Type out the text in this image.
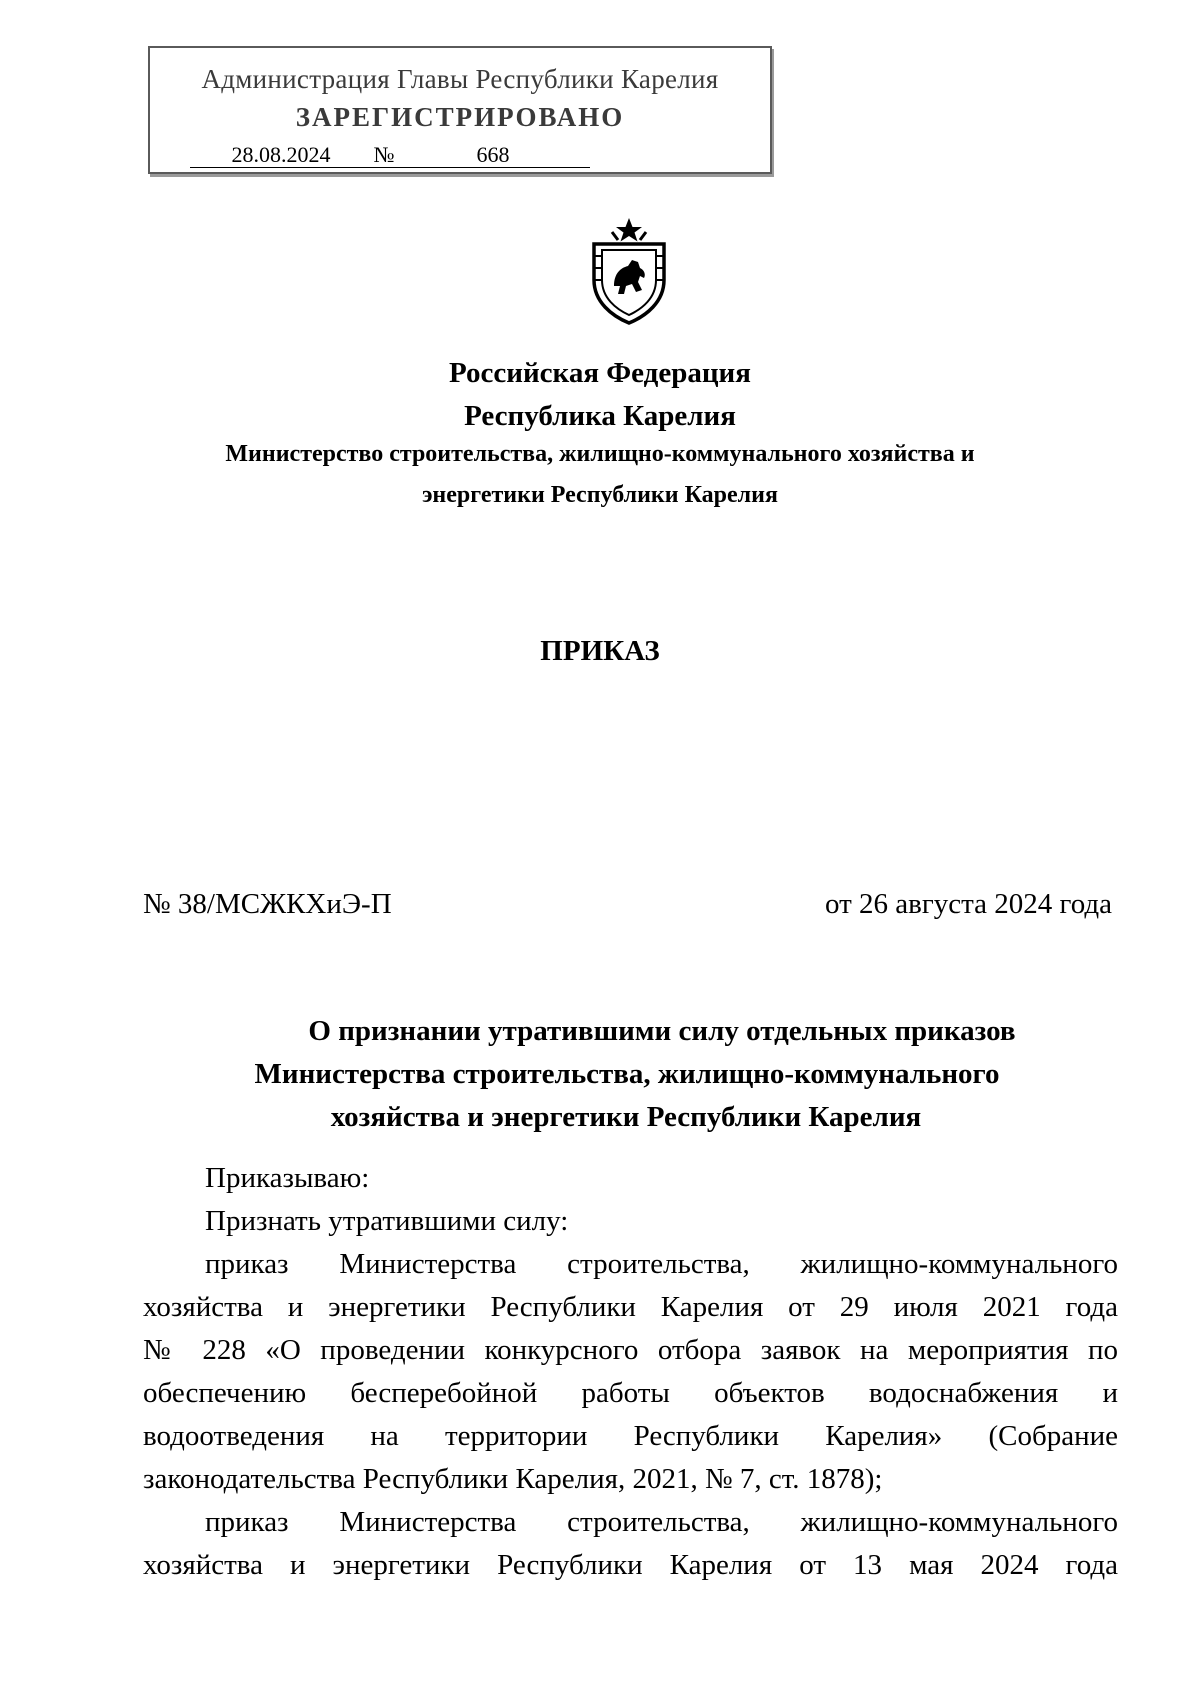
Администрация Главы Республики Карелия
ЗАРЕГИСТРИРОВАНО
28.08.2024 №	668
Российская Федерация
Республика Карелия
Министерство строительства, жилищно-коммунального хозяйства и
энергетики Республики Карелия
ПРИКАЗ
№ 38/МСЖКХиЭ-П	от 26 августа 2024 года
О признании утратившими силу отдельных приказов
Министерства строительства, жилищно-коммунального
хозяйства и энергетики Республики Карелия
Приказываю:
Признать утратившими силу:
приказ Министерства строительства, жилищно-коммунального
хозяйства и энергетики Республики Карелия от 29 июля 2021 года
№ 228 «О проведении конкурсного отбора заявок на мероприятия по
обеспечению бесперебойной работы объектов водоснабжения и
водоотведения на территории Республики Карелия» (Собрание
законодательства Республики Карелия, 2021, № 7, ст. 1878);
приказ Министерства строительства, жилищно-коммунального
хозяйства и энергетики Республики Карелия от 13 мая 2024 года
